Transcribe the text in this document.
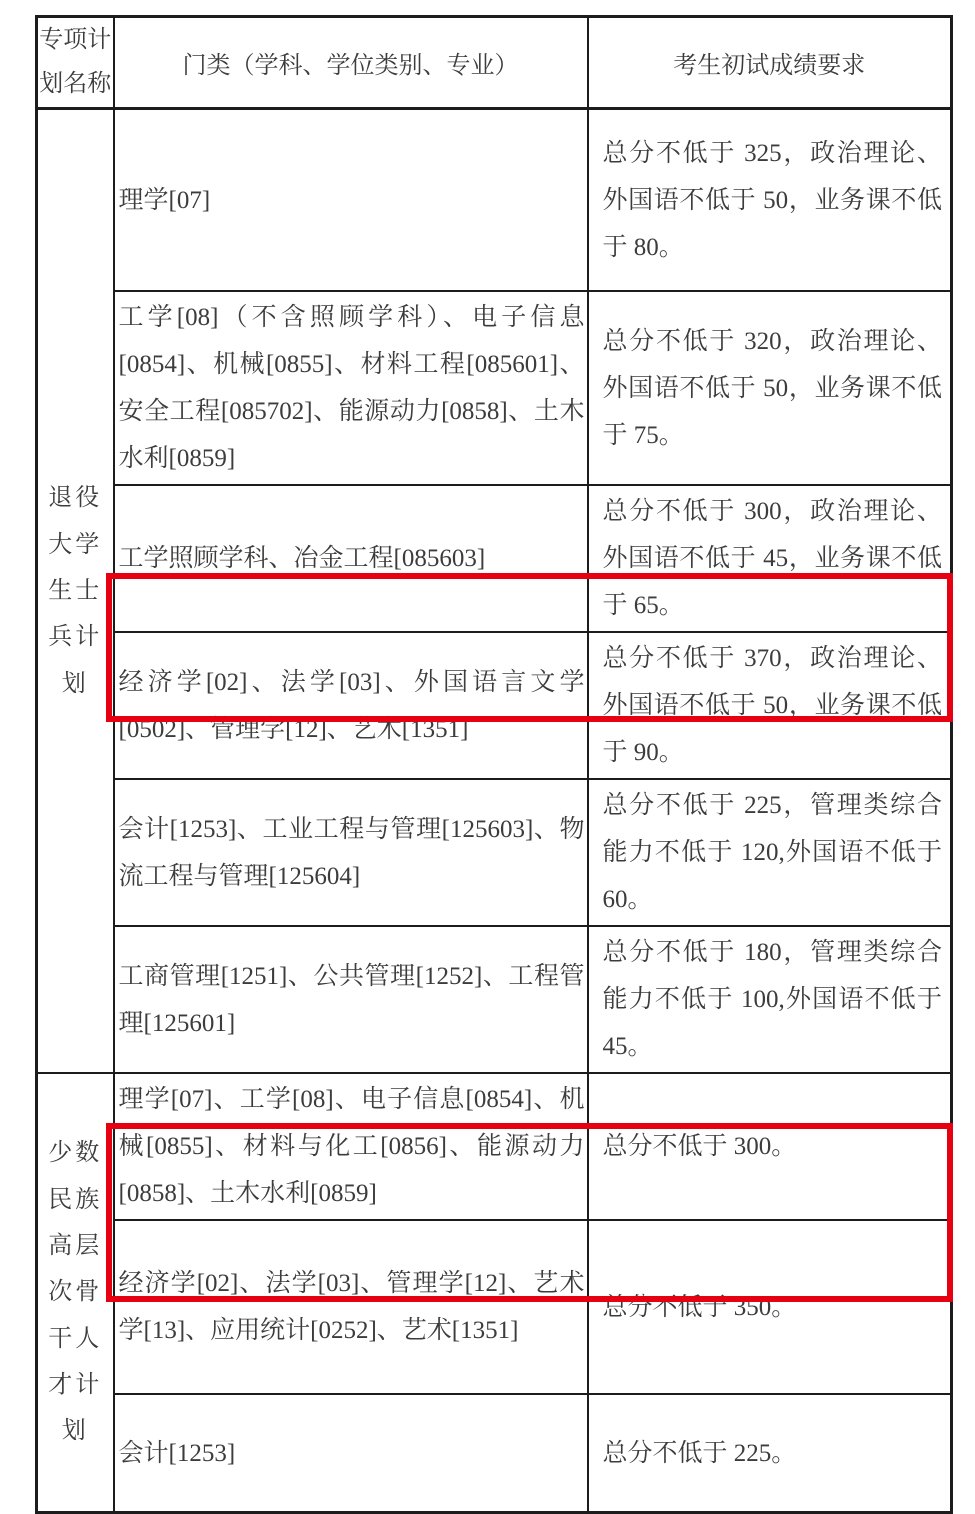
专项计划名称	门类（学科、学位类别、专业）	考生初试成绩要求
退役大学生士兵计划	理学[07]	总分不低于 325，政治理论、外国语不低于 50，业务课不低于 80。
	工学[08]（不含照顾学科）、电子信息[0854]、机械[0855]、材料工程[085601]、安全工程[085702]、能源动力[0858]、土木水利[0859]	总分不低于 320，政治理论、外国语不低于 50，业务课不低于 75。
	工学照顾学科、冶金工程[085603]	总分不低于 300，政治理论、外国语不低于 45，业务课不低于 65。
	经济学[02]、法学[03]、外国语言文学[0502]、管理学[12]、艺术[1351]	总分不低于 370，政治理论、外国语不低于 50，业务课不低于 90。
	会计[1253]、工业工程与管理[125603]、物流工程与管理[125604]	总分不低于 225，管理类综合能力不低于 120,外国语不低于 60。
	工商管理[1251]、公共管理[1252]、工程管理[125601]	总分不低于 180，管理类综合能力不低于 100,外国语不低于 45。
少数民族高层次骨干人才计划	理学[07]、工学[08]、电子信息[0854]、机械[0855]、材料与化工[0856]、能源动力[0858]、土木水利[0859]	总分不低于 300。
	经济学[02]、法学[03]、管理学[12]、艺术学[13]、应用统计[0252]、艺术[1351]	总分不低于 350。
	会计[1253]	总分不低于 225。
